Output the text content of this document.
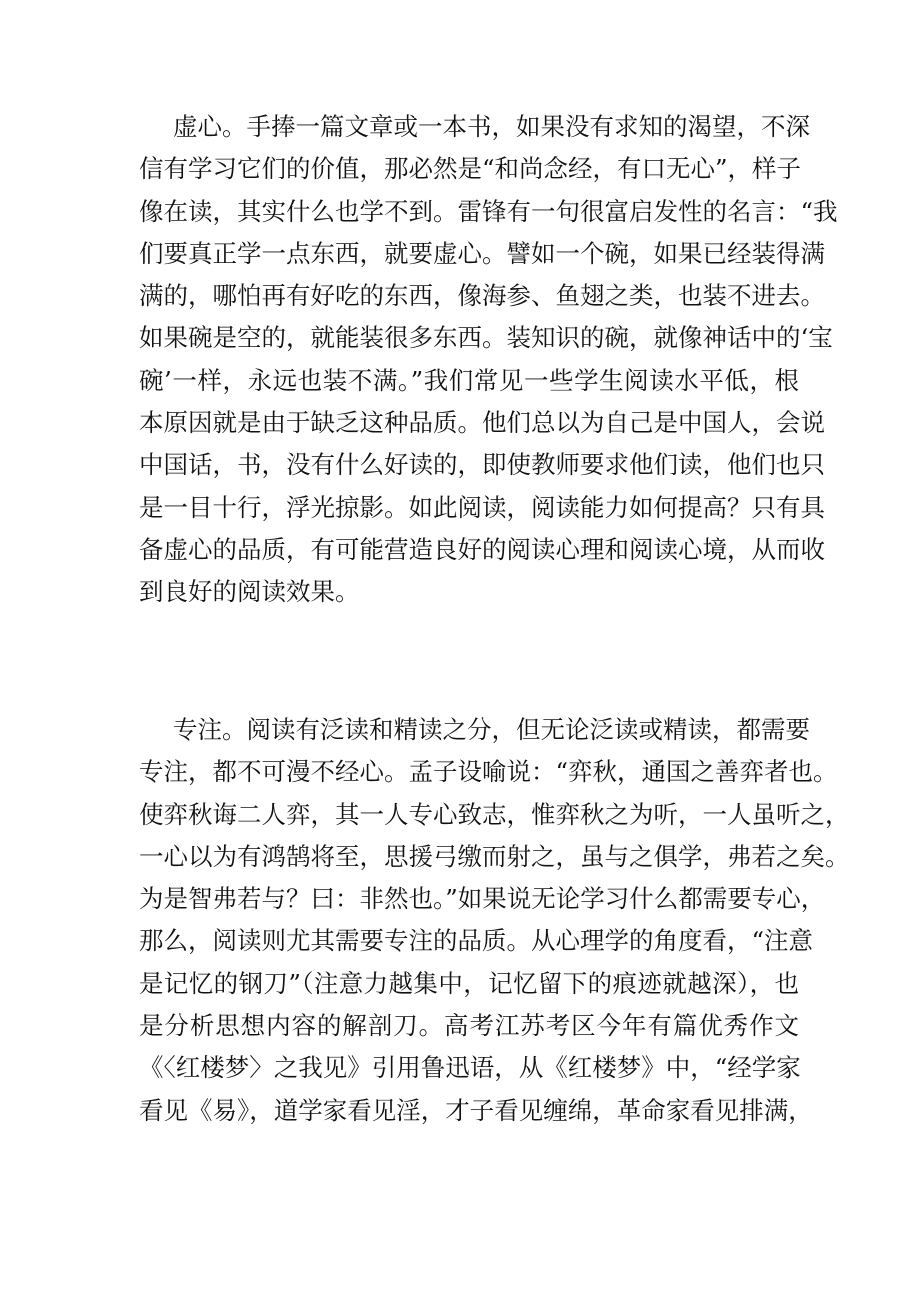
虚心。手捧一篇文章或一本书，如果没有求知的渴望，不深
信有学习它们的价值，那必然是“和尚念经，有口无心”，样子
像在读，其实什么也学不到。雷锋有一句很富启发性的名言：“我
们要真正学一点东西，就要虚心。譬如一个碗，如果已经装得满
满的，哪怕再有好吃的东西，像海参、鱼翅之类，也装不进去。
如果碗是空的，就能装很多东西。装知识的碗，就像神话中的‘宝
碗’一样，永远也装不满。”我们常见一些学生阅读水平低，根
本原因就是由于缺乏这种品质。他们总以为自己是中国人，会说
中国话，书，没有什么好读的，即使教师要求他们读，他们也只
是一目十行，浮光掠影。如此阅读，阅读能力如何提高？只有具
备虚心的品质，有可能营造良好的阅读心理和阅读心境，从而收
到良好的阅读效果。
专注。阅读有泛读和精读之分，但无论泛读或精读，都需要
专注，都不可漫不经心。孟子设喻说：“弈秋，通国之善弈者也。
使弈秋诲二人弈，其一人专心致志，惟弈秋之为听，一人虽听之，
一心以为有鸿鹄将至，思援弓缴而射之，虽与之俱学，弗若之矣。
为是智弗若与？曰：非然也。”如果说无论学习什么都需要专心，
那么，阅读则尤其需要专注的品质。从心理学的角度看，“注意
是记忆的钢刀”（注意力越集中，记忆留下的痕迹就越深），也
是分析思想内容的解剖刀。高考江苏考区今年有篇优秀作文
《〈红楼梦〉之我见》引用鲁迅语，从《红楼梦》中，“经学家
看见《易》，道学家看见淫，才子看见缠绵，革命家看见排满，
